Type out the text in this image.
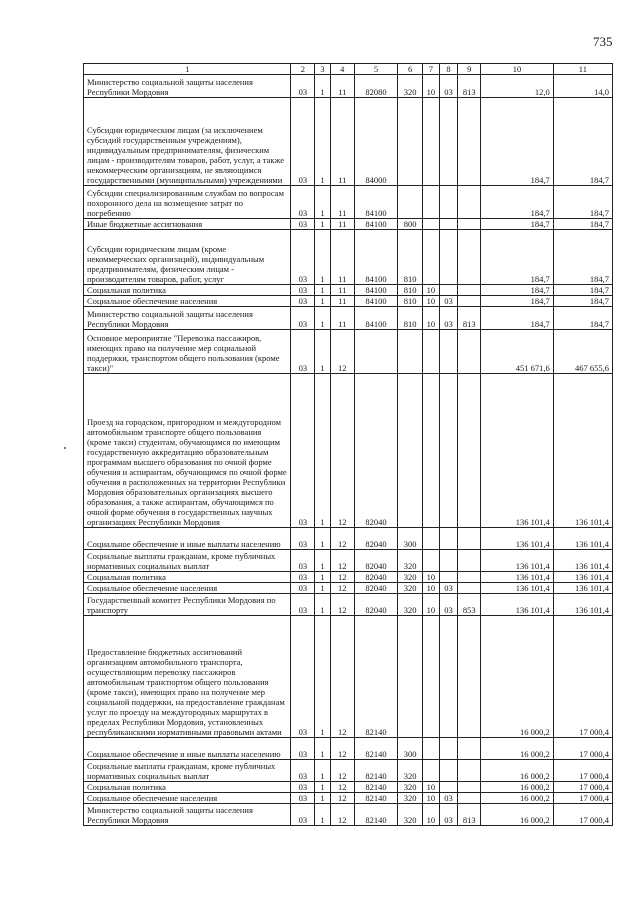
735
1	2	3	4	5	6	7	8	9	10	11
Министерство социальной защиты населения Республики Мордовия	03	1	11	82080	320	10	03	813	12,0	14,0
Субсидии юридическим лицам (за исключением субсидий государственным учреждениям), индивидуальным предпринимателям, физическим лицам - производителям товаров, работ, услуг, а также некоммерческим организациям, не являющимся государственными (муниципальными) учреждениями	03	1	11	84000					184,7	184,7
Субсидии специализированным службам по вопросам похоронного дела на возмещение затрат по погребению	03	1	11	84100					184,7	184,7
Иные бюджетные ассигнования	03	1	11	84100	800				184,7	184,7
Субсидии юридическим лицам (кроме некоммерческих организаций), индивидуальным предпринимателям, физическим лицам - производителям товаров, работ, услуг	03	1	11	84100	810				184,7	184,7
Социальная политика	03	1	11	84100	810	10			184,7	184,7
Социальное обеспечение населения	03	1	11	84100	810	10	03		184,7	184,7
Министерство социальной защиты населения Республики Мордовия	03	1	11	84100	810	10	03	813	184,7	184,7
Основное мероприятие "Перевозка пассажиров, имеющих право на получение мер социальной поддержки, транспортом общего пользования (кроме такси)"	03	1	12						451 671,6	467 655,6
Проезд на городском, пригородном и междугородном автомобильном транспорте общего пользования (кроме такси) студентам, обучающимся по имеющим государственную аккредитацию образовательным программам высшего образования по очной форме обучения и аспирантам, обучающимся по очной форме обучения в расположенных на территории Республики Мордовия образовательных организациях высшего образования, а также аспирантам, обучающимся по очной форме обучения в государственных научных организациях Республики Мордовия	03	1	12	82040					136 101,4	136 101,4
Социальное обеспечение и иные выплаты населению	03	1	12	82040	300				136 101,4	136 101,4
Социальные выплаты гражданам, кроме публичных нормативных социальных выплат	03	1	12	82040	320				136 101,4	136 101,4
Социальная политика	03	1	12	82040	320	10			136 101,4	136 101,4
Социальное обеспечение населения	03	1	12	82040	320	10	03		136 101,4	136 101,4
Государственный комитет Республики Мордовия по транспорту	03	1	12	82040	320	10	03	853	136 101,4	136 101,4
Предоставление бюджетных ассигнований организациям автомобильного транспорта, осуществляющим перевозку пассажиров автомобильным транспортом общего пользования (кроме такси), имеющих право на получение мер социальной поддержки, на предоставление гражданам услуг по проезду на междугородных маршрутах в пределах Республики Мордовия, установленных республиканскими нормативными правовыми актами	03	1	12	82140					16 000,2	17 000,4
Социальное обеспечение и иные выплаты населению	03	1	12	82140	300				16 000,2	17 000,4
Социальные выплаты гражданам, кроме публичных нормативных социальных выплат	03	1	12	82140	320				16 000,2	17 000,4
Социальная политика	03	1	12	82140	320	10			16 000,2	17 000,4
Социальное обеспечение населения	03	1	12	82140	320	10	03		16 000,2	17 000,4
Министерство социальной защиты населения Республики Мордовия	03	1	12	82140	320	10	03	813	16 000,2	17 000,4
